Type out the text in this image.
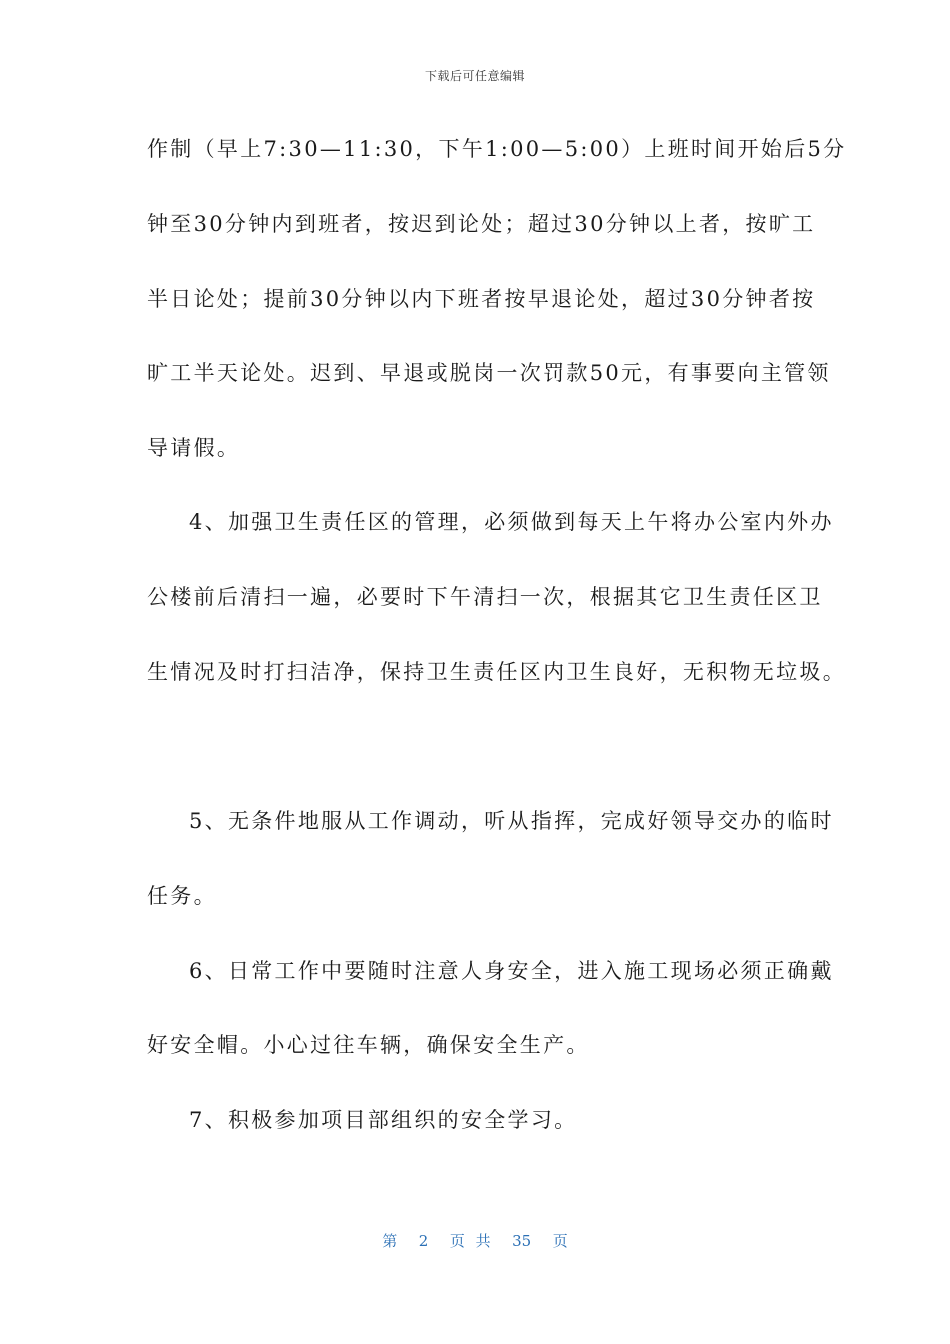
下载后可任意编辑
作制（早上7:30—11:30，下午1:00—5:00）上班时间开始后5分
钟至30分钟内到班者，按迟到论处；超过30分钟以上者，按旷工
半日论处；提前30分钟以内下班者按早退论处，超过30分钟者按
旷工半天论处。迟到、早退或脱岗一次罚款50元，有事要向主管领
导请假。
4、加强卫生责任区的管理，必须做到每天上午将办公室内外办
公楼前后清扫一遍，必要时下午清扫一次，根据其它卫生责任区卫
生情况及时打扫洁净，保持卫生责任区内卫生良好，无积物无垃圾。
5、无条件地服从工作调动，听从指挥，完成好领导交办的临时
任务。
6、日常工作中要随时注意人身安全，进入施工现场必须正确戴
好安全帽。小心过往车辆，确保安全生产。
7、积极参加项目部组织的安全学习。
第  2  页 共  35  页
